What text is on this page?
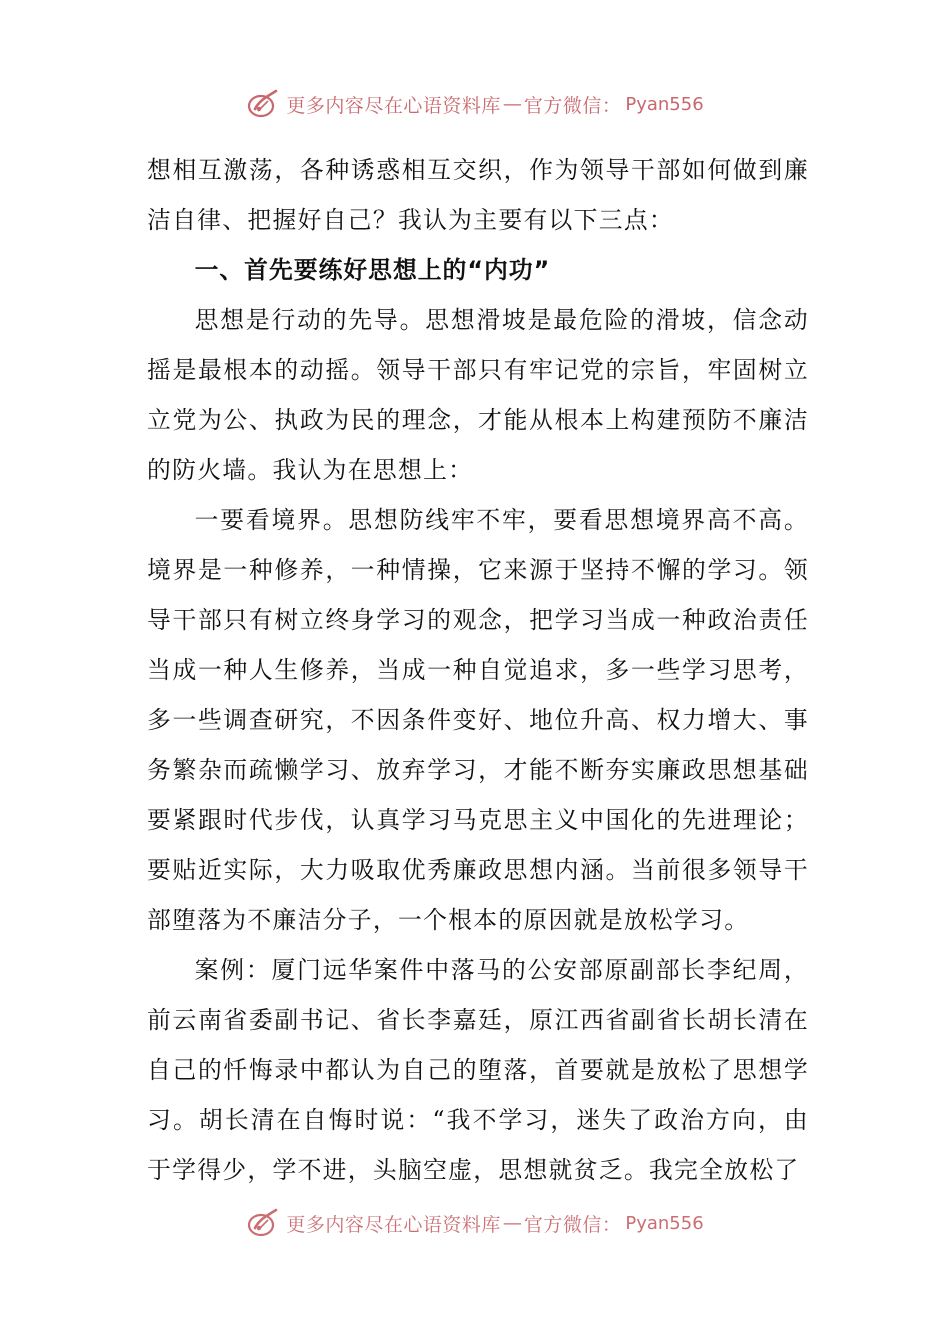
更多内容尽在心语资料库 — 官方微信： Pyan556

想相互激荡，各种诱惑相互交织，作为领导干部如何做到廉洁自律、把握好自己？我认为主要有以下三点：

一、首先要练好思想上的“内功”

思想是行动的先导。思想滑坡是最危险的滑坡，信念动摇是最根本的动摇。领导干部只有牢记党的宗旨，牢固树立立党为公、执政为民的理念，才能从根本上构建预防不廉洁的防火墙。我认为在思想上：

一要看境界。思想防线牢不牢，要看思想境界高不高。境界是一种修养，一种情操，它来源于坚持不懈的学习。领导干部只有树立终身学习的观念，把学习当成一种政治责任当成一种人生修养，当成一种自觉追求，多一些学习思考，多一些调查研究，不因条件变好、地位升高、权力增大、事务繁杂而疏懒学习、放弃学习，才能不断夯实廉政思想基础要紧跟时代步伐，认真学习马克思主义中国化的先进理论；要贴近实际，大力吸取优秀廉政思想内涵。当前很多领导干部堕落为不廉洁分子，一个根本的原因就是放松学习。

案例：厦门远华案件中落马的公安部原副部长李纪周，前云南省委副书记、省长李嘉廷，原江西省副省长胡长清在自己的忏悔录中都认为自己的堕落，首要就是放松了思想学习。胡长清在自悔时说：“我不学习，迷失了政治方向，由于学得少，学不进，头脑空虚，思想就贫乏。我完全放松了

更多内容尽在心语资料库 — 官方微信： Pyan556
